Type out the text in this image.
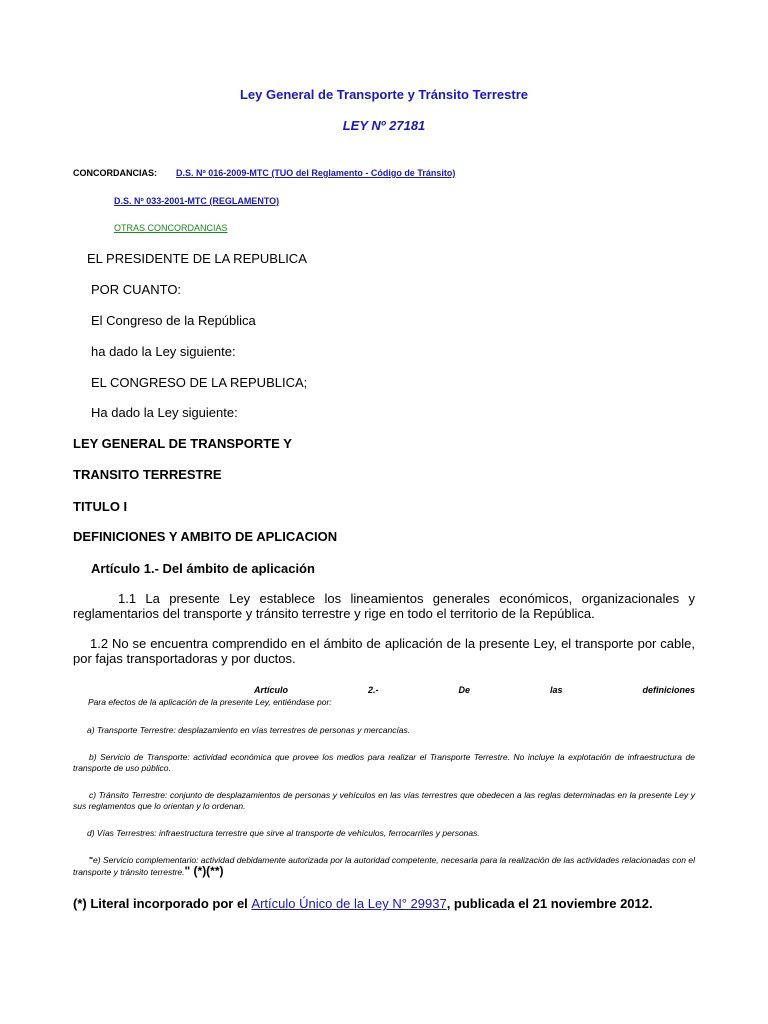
Ley General de Transporte y Tránsito Terrestre
LEY Nº 27181
CONCORDANCIAS: D.S. Nº 016-2009-MTC (TUO del Reglamento - Código de Tránsito)
D.S. Nº 033-2001-MTC (REGLAMENTO)
OTRAS CONCORDANCIAS
EL PRESIDENTE DE LA REPUBLICA
POR CUANTO:
El Congreso de la República
ha dado la Ley siguiente:
EL CONGRESO DE LA REPUBLICA;
Ha dado la Ley siguiente:
LEY GENERAL DE TRANSPORTE Y
TRANSITO TERRESTRE
TITULO I
DEFINICIONES Y AMBITO DE APLICACION
Artículo 1.- Del ámbito de aplicación
1.1 La presente Ley establece los lineamientos generales económicos, organizacionales y reglamentarios del transporte y tránsito terrestre y rige en todo el territorio de la República.
1.2 No se encuentra comprendido en el ámbito de aplicación de la presente Ley, el transporte por cable, por fajas transportadoras y por ductos.
Artículo	2.-	De	las	definiciones
Para efectos de la aplicación de la presente Ley, entiéndase por:
a) Transporte Terrestre: desplazamiento en vías terrestres de personas y mercancías.
b) Servicio de Transporte: actividad económica que provee los medios para realizar el Transporte Terrestre. No incluye la explotación de infraestructura de transporte de uso público.
c) Tránsito Terrestre: conjunto de desplazamientos de personas y vehículos en las vías terrestres que obedecen a las reglas determinadas en la presente Ley y sus reglamentos que lo orientan y lo ordenan.
d) Vías Terrestres: infraestructura terrestre que sirve al transporte de vehículos, ferrocarriles y personas.
"e) Servicio complementario: actividad debidamente autorizada por la autoridad competente, necesaria para la realización de las actividades relacionadas con el transporte y tránsito terrestre." (*)(**)
(*) Literal incorporado por el Artículo Único de la Ley N° 29937, publicada el 21 noviembre 2012.
